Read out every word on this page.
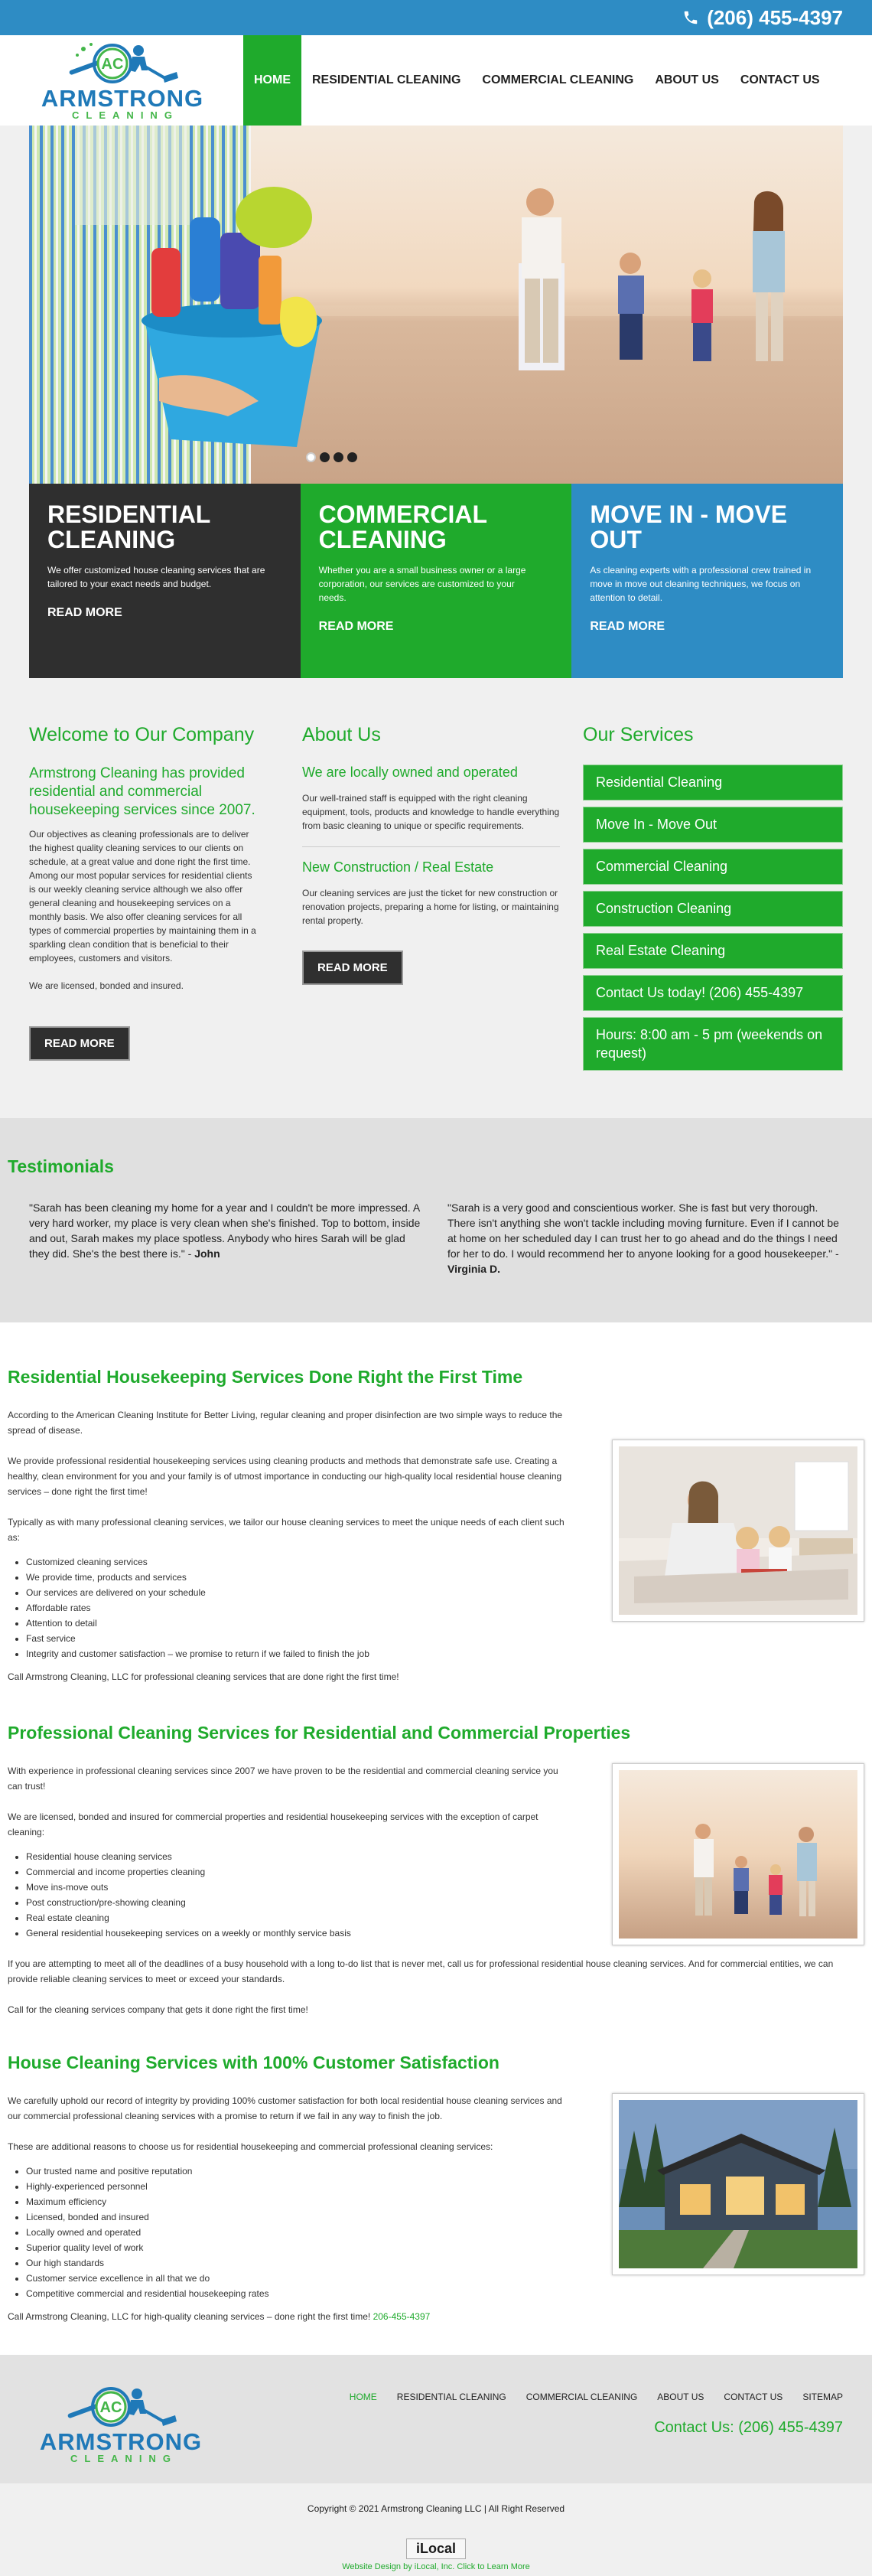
(206) 455-4397
AC
ARMSTRONG
CLEANING
HOME	RESIDENTIAL CLEANING	COMMERCIAL CLEANING	ABOUT US	CONTACT US
RESIDENTIAL CLEANING

We offer customized house cleaning services that are tailored to your exact needs and budget.

READ MORE
COMMERCIAL CLEANING

Whether you are a small business owner or a large corporation, our services are customized to your needs.

READ MORE
MOVE IN - MOVE OUT

As cleaning experts with a professional crew trained in move in move out cleaning techniques, we focus on attention to detail.

READ MORE
Welcome to Our Company
Armstrong Cleaning has provided residential and commercial housekeeping services since 2007.

Our objectives as cleaning professionals are to deliver the highest quality cleaning services to our clients on schedule, at a great value and done right the first time. Among our most popular services for residential clients is our weekly cleaning service although we also offer general cleaning and housekeeping services on a monthly basis. We also offer cleaning services for all types of commercial properties by maintaining them in a sparkling clean condition that is beneficial to their employees, customers and visitors.

We are licensed, bonded and insured.

READ MORE
About Us
We are locally owned and operated

Our well-trained staff is equipped with the right cleaning equipment, tools, products and knowledge to handle everything from basic cleaning to unique or specific requirements.

New Construction / Real Estate

Our cleaning services are just the ticket for new construction or renovation projects, preparing a home for listing, or maintaining rental property.

READ MORE
Our Services
Residential Cleaning
Move In - Move Out
Commercial Cleaning
Construction Cleaning
Real Estate Cleaning
Contact Us today! (206) 455-4397
Hours: 8:00 am - 5 pm (weekends on request)
Testimonials

"Sarah has been cleaning my home for a year and I couldn't be more impressed. A very hard worker, my place is very clean when she's finished. Top to bottom, inside and out, Sarah makes my place spotless. Anybody who hires Sarah will be glad they did. She's the best there is." - John

"Sarah is a very good and conscientious worker. She is fast but very thorough. There isn't anything she won't tackle including moving furniture. Even if I cannot be at home on her scheduled day I can trust her to go ahead and do the things I need for her to do. I would recommend her to anyone looking for a good housekeeper." - Virginia D.

Residential Housekeeping Services Done Right the First Time

According to the American Cleaning Institute for Better Living, regular cleaning and proper disinfection are two simple ways to reduce the spread of disease.

We provide professional residential housekeeping services using cleaning products and methods that demonstrate safe use. Creating a healthy, clean environment for you and your family is of utmost importance in conducting our high-quality local residential house cleaning services – done right the first time!

Typically as with many professional cleaning services, we tailor our house cleaning services to meet the unique needs of each client such as:

• Customized cleaning services
• We provide time, products and services
• Our services are delivered on your schedule
• Affordable rates
• Attention to detail
• Fast service
• Integrity and customer satisfaction – we promise to return if we failed to finish the job

Call Armstrong Cleaning, LLC for professional cleaning services that are done right the first time!

Professional Cleaning Services for Residential and Commercial Properties

With experience in professional cleaning services since 2007 we have proven to be the residential and commercial cleaning service you can trust!

We are licensed, bonded and insured for commercial properties and residential housekeeping services with the exception of carpet cleaning:

• Residential house cleaning services
• Commercial and income properties cleaning
• Move ins-move outs
• Post construction/pre-showing cleaning
• Real estate cleaning
• General residential housekeeping services on a weekly or monthly service basis

If you are attempting to meet all of the deadlines of a busy household with a long to-do list that is never met, call us for professional residential house cleaning services. And for commercial entities, we can provide reliable cleaning services to meet or exceed your standards.

Call for the cleaning services company that gets it done right the first time!

House Cleaning Services with 100% Customer Satisfaction

We carefully uphold our record of integrity by providing 100% customer satisfaction for both local residential house cleaning services and our commercial professional cleaning services with a promise to return if we fail in any way to finish the job.

These are additional reasons to choose us for residential housekeeping and commercial professional cleaning services:

• Our trusted name and positive reputation
• Highly-experienced personnel
• Maximum efficiency
• Licensed, bonded and insured
• Locally owned and operated
• Superior quality level of work
• Our high standards
• Customer service excellence in all that we do
• Competitive commercial and residential housekeeping rates

Call Armstrong Cleaning, LLC for high-quality cleaning services – done right the first time! 206-455-4397

AC
ARMSTRONG
CLEANING
HOME RESIDENTIAL CLEANING COMMERCIAL CLEANING ABOUT US CONTACT US SITEMAP
Contact Us: (206) 455-4397
Copyright © 2021 Armstrong Cleaning LLC | All Right Reserved
iLocal
Website Design by iLocal, Inc. Click to Learn More
